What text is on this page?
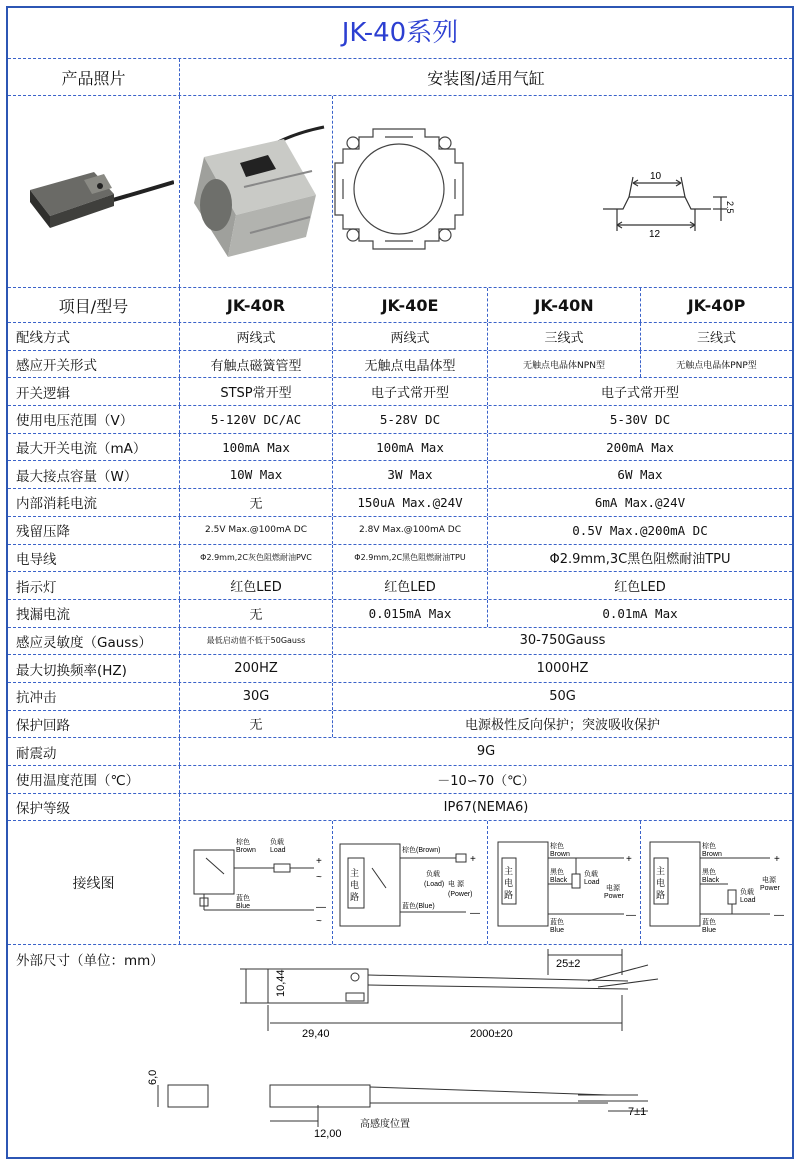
JK-40系列
产品照片	安装图/适用气缸
10
12
2.5
项目/型号	JK-40R	JK-40E	JK-40N	JK-40P
配线方式	两线式	两线式	三线式	三线式
感应开关形式	有触点磁簧管型	无触点电晶体型	无触点电晶体NPN型	无触点电晶体PNP型
开关逻辑	STSP常开型	电子式常开型	电子式常开型
使用电压范围（V）	5-120V DC/AC	5-28V DC	5-30V DC
最大开关电流（mA）	100mA Max	100mA Max	200mA Max
最大接点容量（W）	10W Max	3W Max	6W Max
内部消耗电流	无	150uA Max.@24V	6mA Max.@24V
残留压降	2.5V Max.@100mA DC	2.8V Max.@100mA DC	0.5V Max.@200mA DC
电导线	Φ2.9mm,2C灰色阻燃耐油PVC	Φ2.9mm,2C黑色阻燃耐油TPU	Φ2.9mm,3C黑色阻燃耐油TPU
指示灯	红色LED	红色LED	红色LED
拽漏电流	无	0.015mA Max	0.01mA Max
感应灵敏度（Gauss）	最低启动值不低于50Gauss	30-750Gauss
最大切换频率(HZ)	200HZ	1000HZ
抗冲击	30G	50G
保护回路	无	电源极性反向保护；突波吸收保护
耐震动	9G
使用温度范围（℃）	－10∽70（℃）
保护等级	IP67(NEMA6)
接线图
棕色
Brown
负载
Load
蓝色
Blue
+
~
—
~
主
电
路
棕色(Brown)
负载
(Load) 电 源
(Power)
蓝色(Blue)
+
—
主
电
路
棕色
Brown
黑色
Black
负载
Load
电源
Power
蓝色
Blue
+
—
主
电
路
棕色
Brown
黑色
Black
负载
Load
电源
Power
蓝色
Blue
+
—
外部尺寸（单位：mm）	25±2
10,44
29,40	2000±20
6,0
12,00
高感度位置
7±1
